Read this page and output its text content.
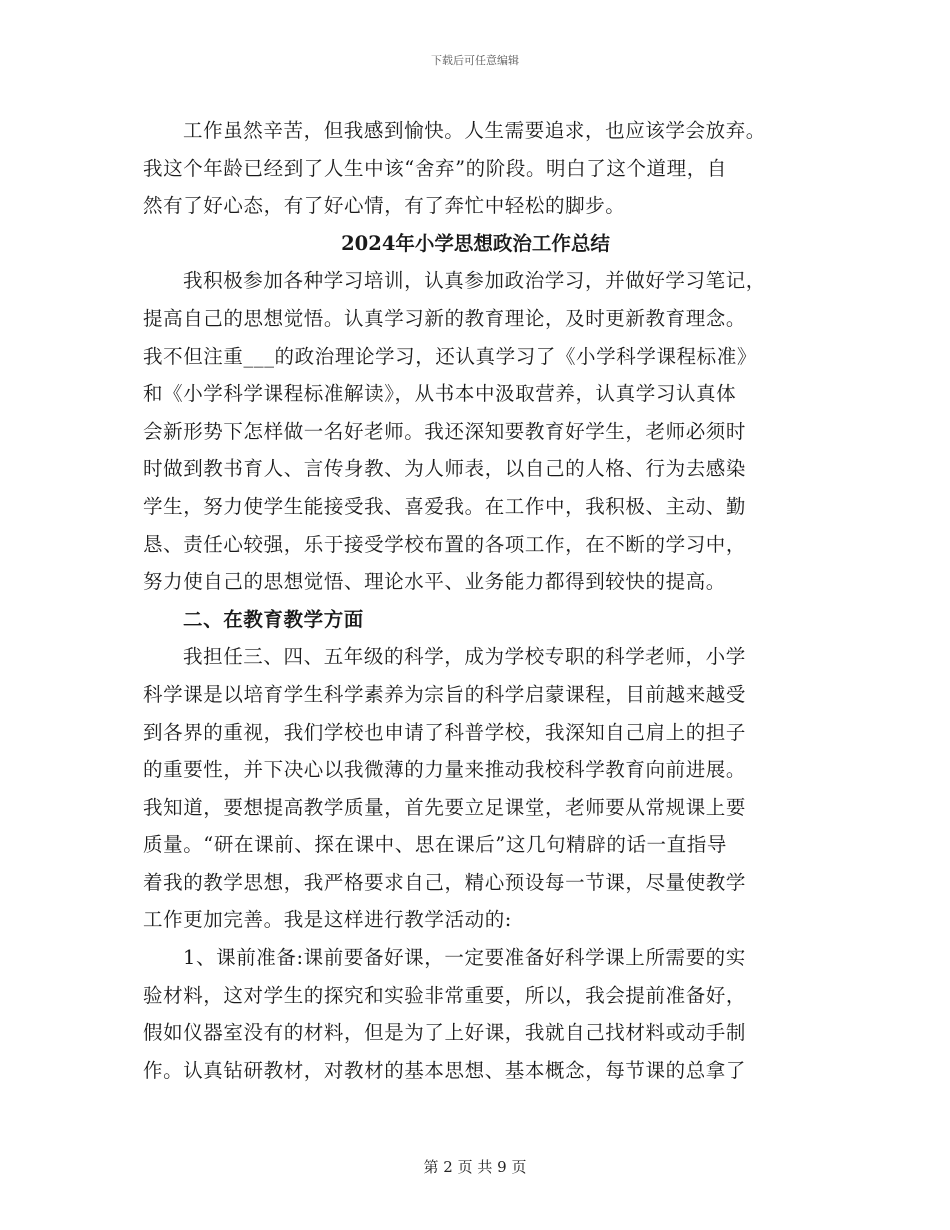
下载后可任意编辑
工作虽然辛苦，但我感到愉快。人生需要追求，也应该学会放弃。
我这个年龄已经到了人生中该“舍弃”的阶段。明白了这个道理，自
然有了好心态，有了好心情，有了奔忙中轻松的脚步。
2024年小学思想政治工作总结
我积极参加各种学习培训，认真参加政治学习，并做好学习笔记，
提高自己的思想觉悟。认真学习新的教育理论，及时更新教育理念。
我不但注重___的政治理论学习，还认真学习了《小学科学课程标准》
和《小学科学课程标准解读》，从书本中汲取营养，认真学习认真体
会新形势下怎样做一名好老师。我还深知要教育好学生，老师必须时
时做到教书育人、言传身教、为人师表，以自己的人格、行为去感染
学生，努力使学生能接受我、喜爱我。在工作中，我积极、主动、勤
恳、责任心较强，乐于接受学校布置的各项工作，在不断的学习中，
努力使自己的思想觉悟、理论水平、业务能力都得到较快的提高。
二、在教育教学方面
我担任三、四、五年级的科学，成为学校专职的科学老师，小学
科学课是以培育学生科学素养为宗旨的科学启蒙课程，目前越来越受
到各界的重视，我们学校也申请了科普学校，我深知自己肩上的担子
的重要性，并下决心以我微薄的力量来推动我校科学教育向前进展。
我知道，要想提高教学质量，首先要立足课堂，老师要从常规课上要
质量。“研在课前、探在课中、思在课后”这几句精辟的话一直指导
着我的教学思想，我严格要求自己，精心预设每一节课，尽量使教学
工作更加完善。我是这样进行教学活动的:
1、课前准备:课前要备好课，一定要准备好科学课上所需要的实
验材料，这对学生的探究和实验非常重要，所以，我会提前准备好，
假如仪器室没有的材料，但是为了上好课，我就自己找材料或动手制
作。认真钻研教材，对教材的基本思想、基本概念，每节课的总拿了
第 2 页 共 9 页
